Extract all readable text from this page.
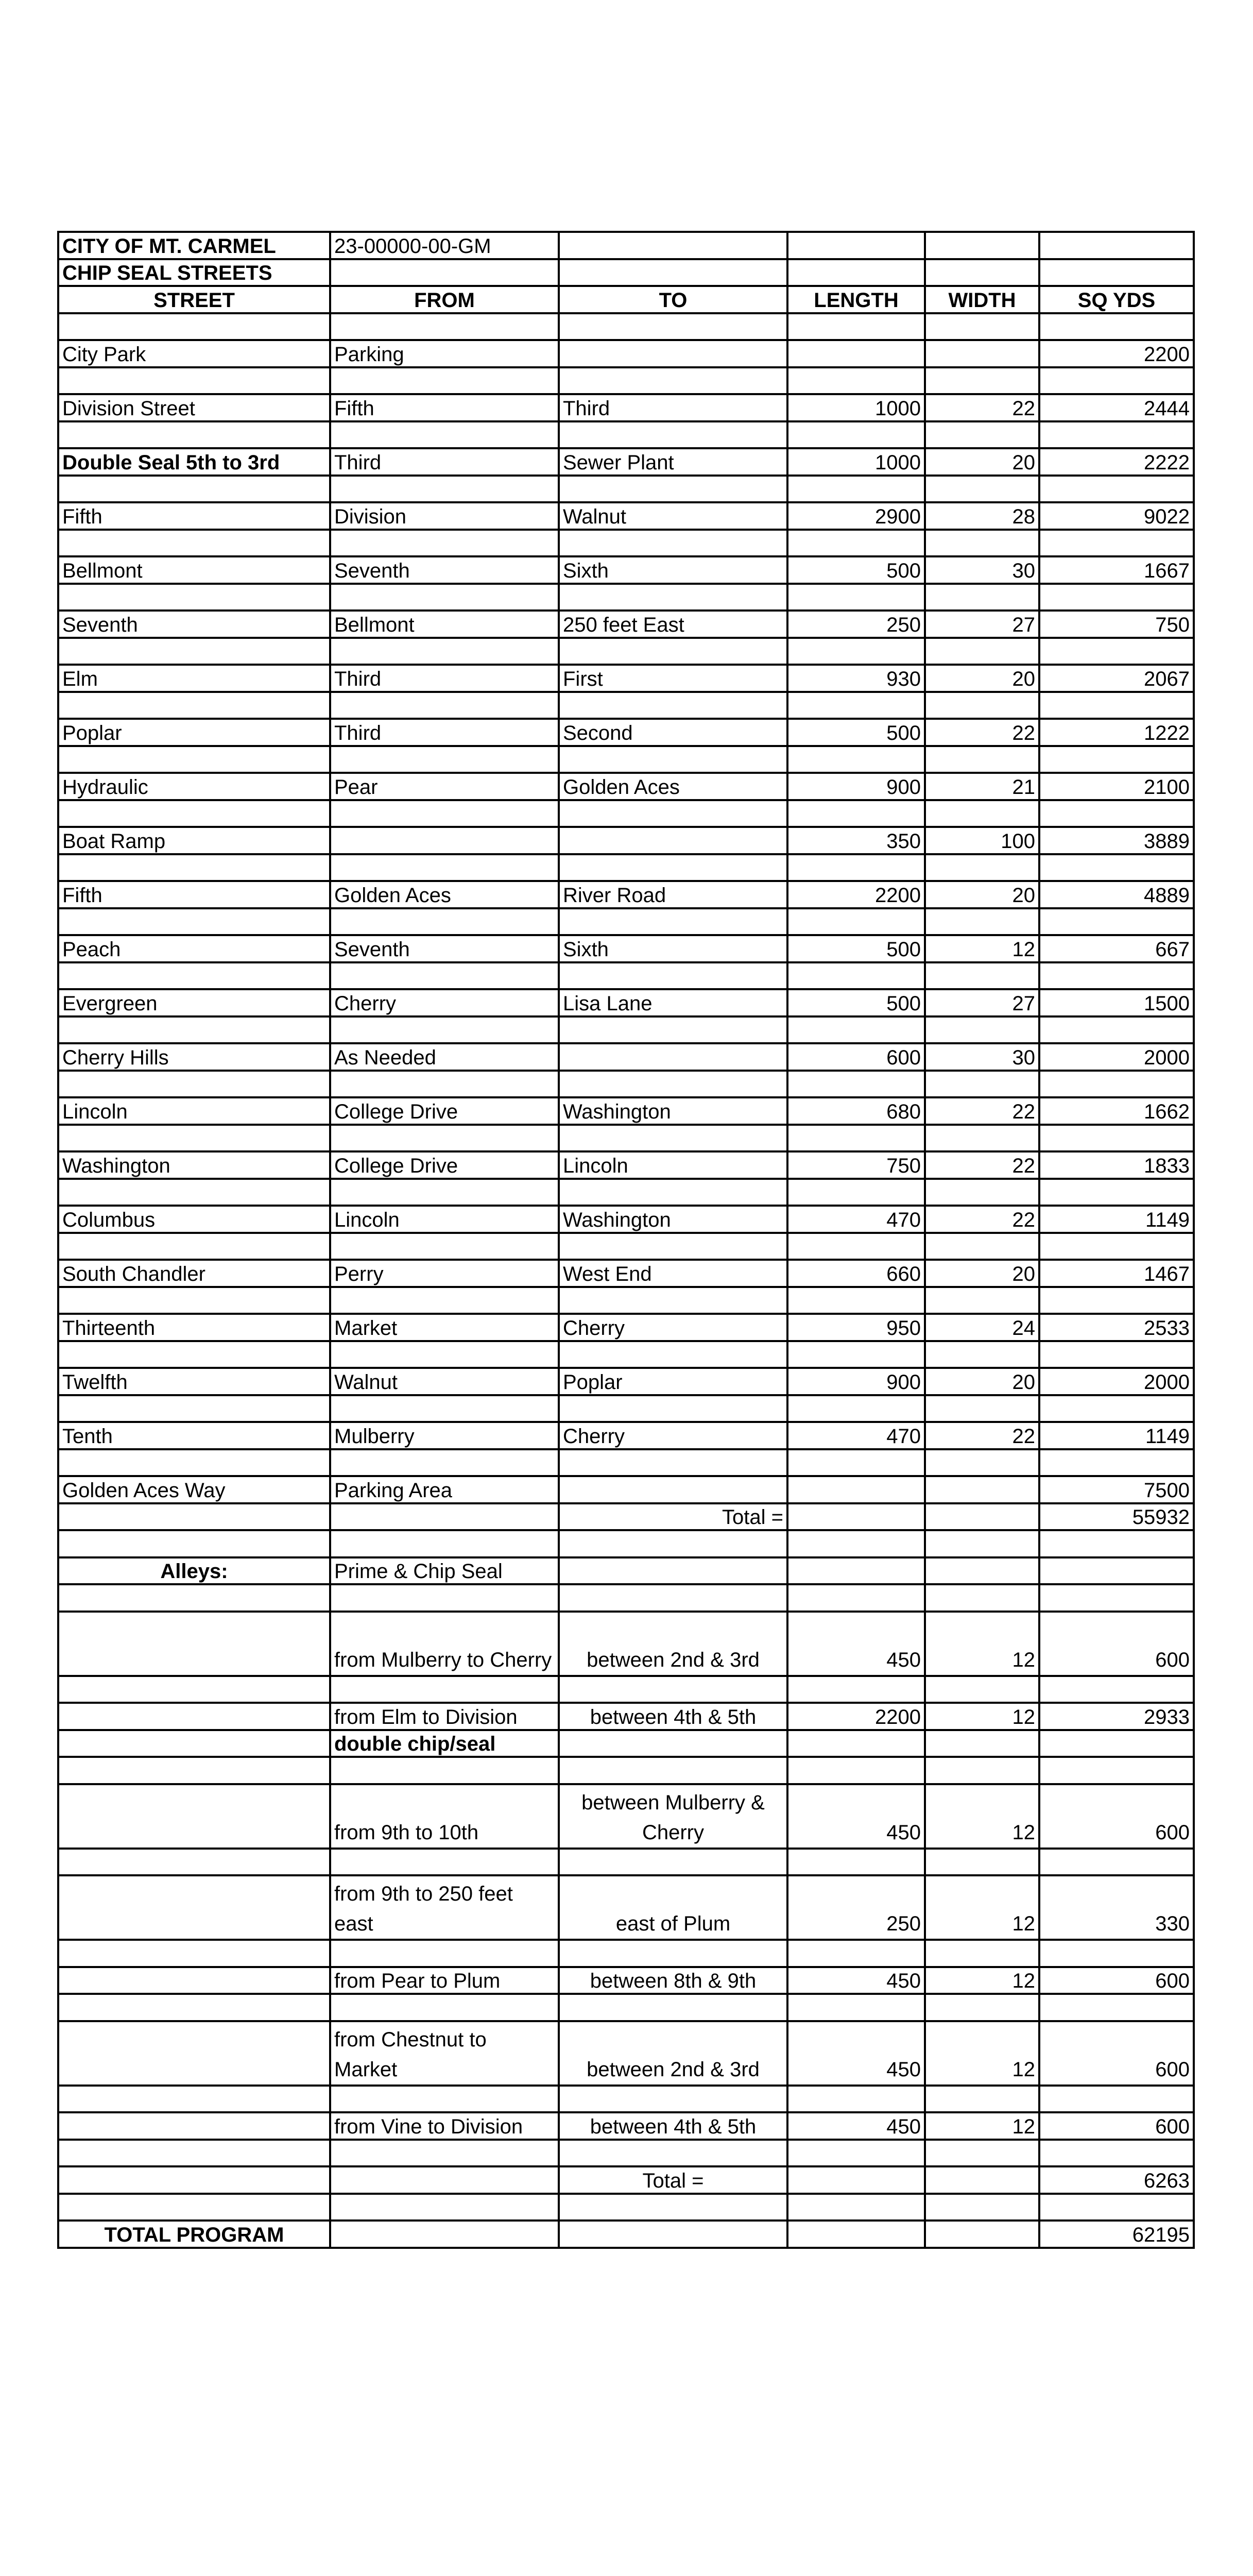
CITY OF MT. CARMEL	23-00000-00-GM				
CHIP SEAL STREETS					
STREET	FROM	TO	LENGTH	WIDTH	SQ YDS

City Park	Parking				2200

Division Street	Fifth	Third	1000	22	2444

Double Seal 5th to 3rd	Third	Sewer Plant	1000	20	2222

Fifth	Division	Walnut	2900	28	9022

Bellmont	Seventh	Sixth	500	30	1667

Seventh	Bellmont	250 feet East	250	27	750

Elm	Third	First	930	20	2067

Poplar	Third	Second	500	22	1222

Hydraulic	Pear	Golden Aces	900	21	2100

Boat Ramp			350	100	3889

Fifth	Golden Aces	River Road	2200	20	4889

Peach	Seventh	Sixth	500	12	667

Evergreen	Cherry	Lisa Lane	500	27	1500

Cherry Hills	As Needed		600	30	2000

Lincoln	College Drive	Washington	680	22	1662

Washington	College Drive	Lincoln	750	22	1833

Columbus	Lincoln	Washington	470	22	1149

South Chandler	Perry	West End	660	20	1467

Thirteenth	Market	Cherry	950	24	2533

Twelfth	Walnut	Poplar	900	20	2000

Tenth	Mulberry	Cherry	470	22	1149

Golden Aces Way	Parking Area				7500
		Total =			55932

Alleys:	Prime & Chip Seal				

	from Mulberry to Cherry	between 2nd & 3rd	450	12	600

	from Elm to Division	between 4th & 5th	2200	12	2933
	double chip/seal				

	from 9th to 10th	between Mulberry & Cherry	450	12	600

	from 9th to 250 feet east	east of Plum	250	12	330

	from Pear to Plum	between 8th & 9th	450	12	600

	from Chestnut to Market	between 2nd & 3rd	450	12	600

	from Vine to Division	between 4th & 5th	450	12	600

		Total =			6263

TOTAL PROGRAM					62195
